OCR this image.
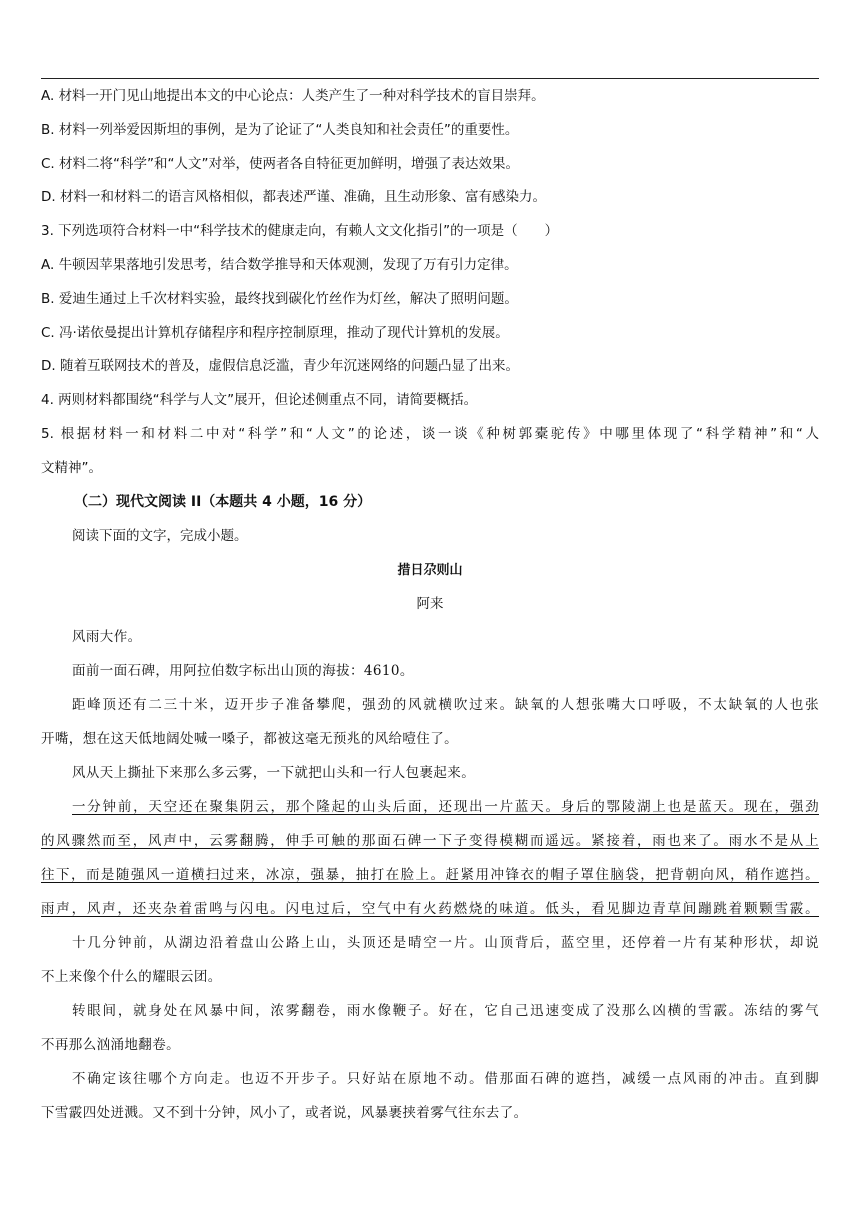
A. 材料一开门见山地提出本文的中心论点：人类产生了一种对科学技术的盲目崇拜。
B. 材料一列举爱因斯坦的事例，是为了论证了“人类良知和社会责任”的重要性。
C. 材料二将“科学”和“人文”对举，使两者各自特征更加鲜明，增强了表达效果。
D. 材料一和材料二的语言风格相似，都表述严谨、准确，且生动形象、富有感染力。
3. 下列选项符合材料一中“科学技术的健康走向，有赖人文文化指引”的一项是（　　）
A. 牛顿因苹果落地引发思考，结合数学推导和天体观测，发现了万有引力定律。
B. 爱迪生通过上千次材料实验，最终找到碳化竹丝作为灯丝，解决了照明问题。
C. 冯·诺依曼提出计算机存储程序和程序控制原理，推动了现代计算机的发展。
D. 随着互联网技术的普及，虚假信息泛滥，青少年沉迷网络的问题凸显了出来。
4. 两则材料都围绕“科学与人文”展开，但论述侧重点不同，请简要概括。
5. 根据材料一和材料二中对“科学”和“人文”的论述，谈一谈《种树郭橐驼传》中哪里体现了“科学精神”和“人
文精神”。
（二）现代文阅读 II（本题共 4 小题，16 分）
阅读下面的文字，完成小题。
措日尕则山
阿来
风雨大作。
面前一面石碑，用阿拉伯数字标出山顶的海拔：4610。
距峰顶还有二三十米，迈开步子准备攀爬，强劲的风就横吹过来。缺氧的人想张嘴大口呼吸，不太缺氧的人也张
开嘴，想在这天低地阔处喊一嗓子，都被这毫无预兆的风给噎住了。
风从天上撕扯下来那么多云雾，一下就把山头和一行人包裹起来。
一分钟前，天空还在聚集阴云，那个隆起的山头后面，还现出一片蓝天。身后的鄂陵湖上也是蓝天。现在，强劲
的风骤然而至，风声中，云雾翻腾，伸手可触的那面石碑一下子变得模糊而遥远。紧接着，雨也来了。雨水不是从上
往下，而是随强风一道横扫过来，冰凉，强暴，抽打在脸上。赶紧用冲锋衣的帽子罩住脑袋，把背朝向风，稍作遮挡。
雨声，风声，还夹杂着雷鸣与闪电。闪电过后，空气中有火药燃烧的味道。低头，看见脚边青草间蹦跳着颗颗雪霰。
十几分钟前，从湖边沿着盘山公路上山，头顶还是晴空一片。山顶背后，蓝空里，还停着一片有某种形状，却说
不上来像个什么的耀眼云团。
转眼间，就身处在风暴中间，浓雾翻卷，雨水像鞭子。好在，它自己迅速变成了没那么凶横的雪霰。冻结的雾气
不再那么汹涌地翻卷。
不确定该往哪个方向走。也迈不开步子。只好站在原地不动。借那面石碑的遮挡，减缓一点风雨的冲击。直到脚
下雪霰四处迸溅。又不到十分钟，风小了，或者说，风暴裹挟着雾气往东去了。
